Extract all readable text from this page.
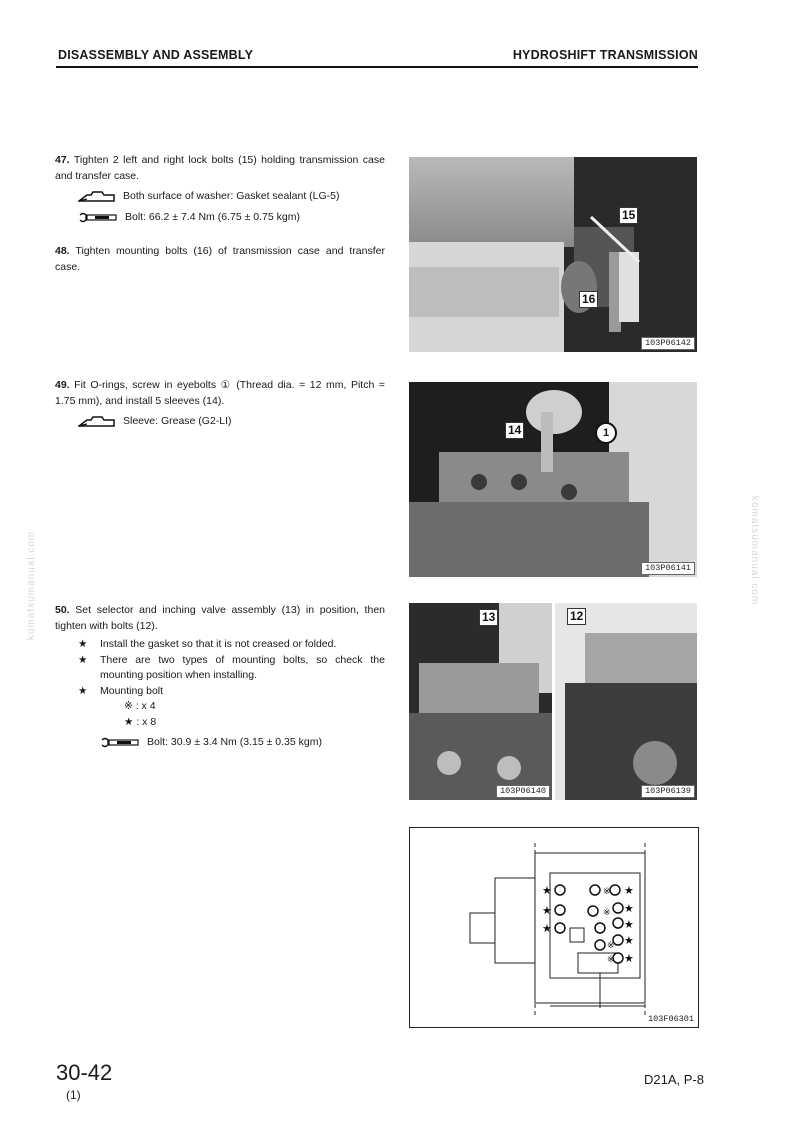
DISASSEMBLY AND ASSEMBLY	HYDROSHIFT TRANSMISSION

47. Tighten 2 left and right lock bolts (15) holding transmission case and transfer case.

Both surface of washer: Gasket sealant (LG-5)
Bolt: 66.2 ± 7.4 Nm (6.75 ± 0.75 kgm)

48. Tighten mounting bolts (16) of transmission case and transfer case.

49. Fit O-rings, screw in eyebolts ① (Thread dia. = 12 mm, Pitch = 1.75 mm), and install 5 sleeves (14).

Sleeve: Grease (G2-LI)

50. Set selector and inching valve assembly (13) in position, then tighten with bolts (12).

★ Install the gasket so that it is not creased or folded.
★ There are two types of mounting bolts, so check the mounting position when installing.
★ Mounting bolt
※ : x 4
★ : x 8
Bolt: 30.9 ± 3.4 Nm (3.15 ± 0.35 kgm)
15
16
103P06142
14	1
103P06141
13
103P06140
12
103P06139
★
★
★
★
★
★
★
★
※
※
※
※
103F06301
komatsumanual.com	komatsumanual.com
30-42
(1)
D21A, P-8
